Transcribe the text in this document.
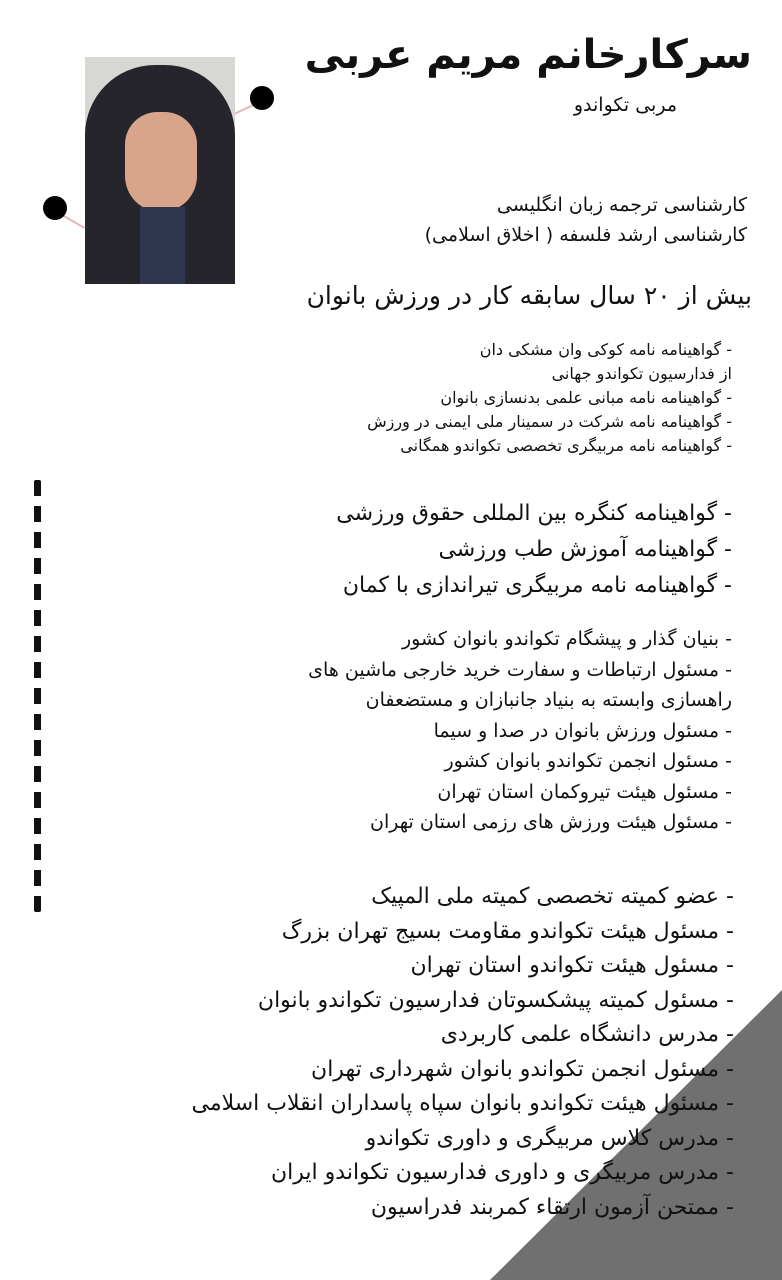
سرکارخانم مریم عربی
مربی تکواندو
کارشناسی ترجمه زبان انگلیسی
کارشناسی ارشد فلسفه ( اخلاق اسلامی)
بیش از ۲۰ سال سابقه کار در ورزش بانوان
- گواهینامه نامه کوکی وان مشکی دان
از فدارسیون تکواندو جهانی
- گواهینامه نامه مبانی علمی بدنسازی بانوان
- گواهینامه نامه شرکت در سمینار ملی ایمنی در ورزش
- گواهینامه نامه مربیگری تخصصی تکواندو همگانی
- گواهینامه کنگره بین المللی حقوق ورزشی
- گواهینامه آموزش طب ورزشی
- گواهینامه نامه مربیگری تیراندازی با کمان
- بنیان گذار و پیشگام تکواندو بانوان کشور
- مسئول ارتباطات و سفارت خرید خارجی ماشین های
راهسازی وابسته به بنیاد جانبازان و مستضعفان
- مسئول ورزش بانوان در صدا و سیما
- مسئول انجمن تکواندو بانوان کشور
- مسئول هیئت تیروکمان استان تهران
- مسئول هیئت ورزش های رزمی استان تهران
- عضو کمیته تخصصی کمیته ملی المپیک
- مسئول هیئت تکواندو مقاومت بسیج تهران بزرگ
- مسئول هیئت تکواندو استان تهران
- مسئول کمیته پیشکسوتان فدارسیون تکواندو بانوان
- مدرس دانشگاه علمی کاربردی
- مسئول انجمن تکواندو بانوان شهرداری تهران
- مسئول هیئت تکواندو بانوان سپاه پاسداران انقلاب اسلامی
- مدرس کلاس مربیگری و داوری تکواندو
- مدرس مربیگری و داوری فدارسیون تکواندو ایران
- ممتحن آزمون ارتقاء کمربند فدراسیون
